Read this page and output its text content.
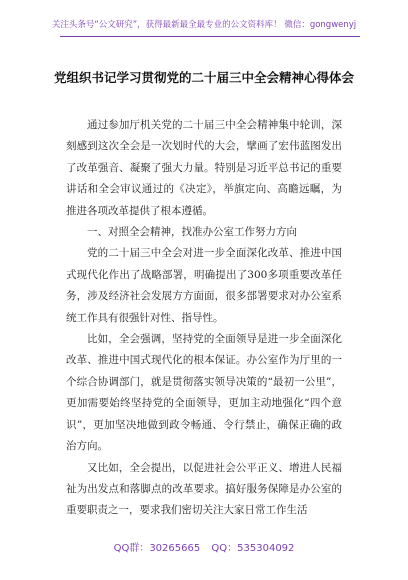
关注头条号“公文研究”，获得最新最全最专业的公文资料库！ 微信：gongwenyj
党组织书记学习贯彻党的二十届三中全会精神心得体会

通过参加厅机关党的二十届三中全会精神集中轮训，深刻感到这次全会是一次划时代的大会，擘画了宏伟蓝图发出了改革强音、凝聚了强大力量。特别是习近平总书记的重要讲话和全会审议通过的《决定》，举旗定向、高瞻远瞩，为推进各项改革提供了根本遵循。

一、对照全会精神，找准办公室工作努力方向

党的二十届三中全会对进一步全面深化改革、推进中国式现代化作出了战略部署，明确提出了300多项重要改革任务，涉及经济社会发展方方面面，很多部署要求对办公室系统工作具有很强针对性、指导性。

比如，全会强调，坚持党的全面领导是进一步全面深化改革、推进中国式现代化的根本保证。办公室作为厅里的一个综合协调部门，就是贯彻落实领导决策的“最初一公里”，更加需要始终坚持党的全面领导，更加主动地强化“四个意识”，更加坚决地做到政令畅通、令行禁止，确保正确的政治方向。

又比如，全会提出，以促进社会公平正义、增进人民福祉为出发点和落脚点的改革要求。搞好服务保障是办公室的重要职责之一，要求我们密切关注大家日常工作生活

QQ群：30265665 QQ：535304092
